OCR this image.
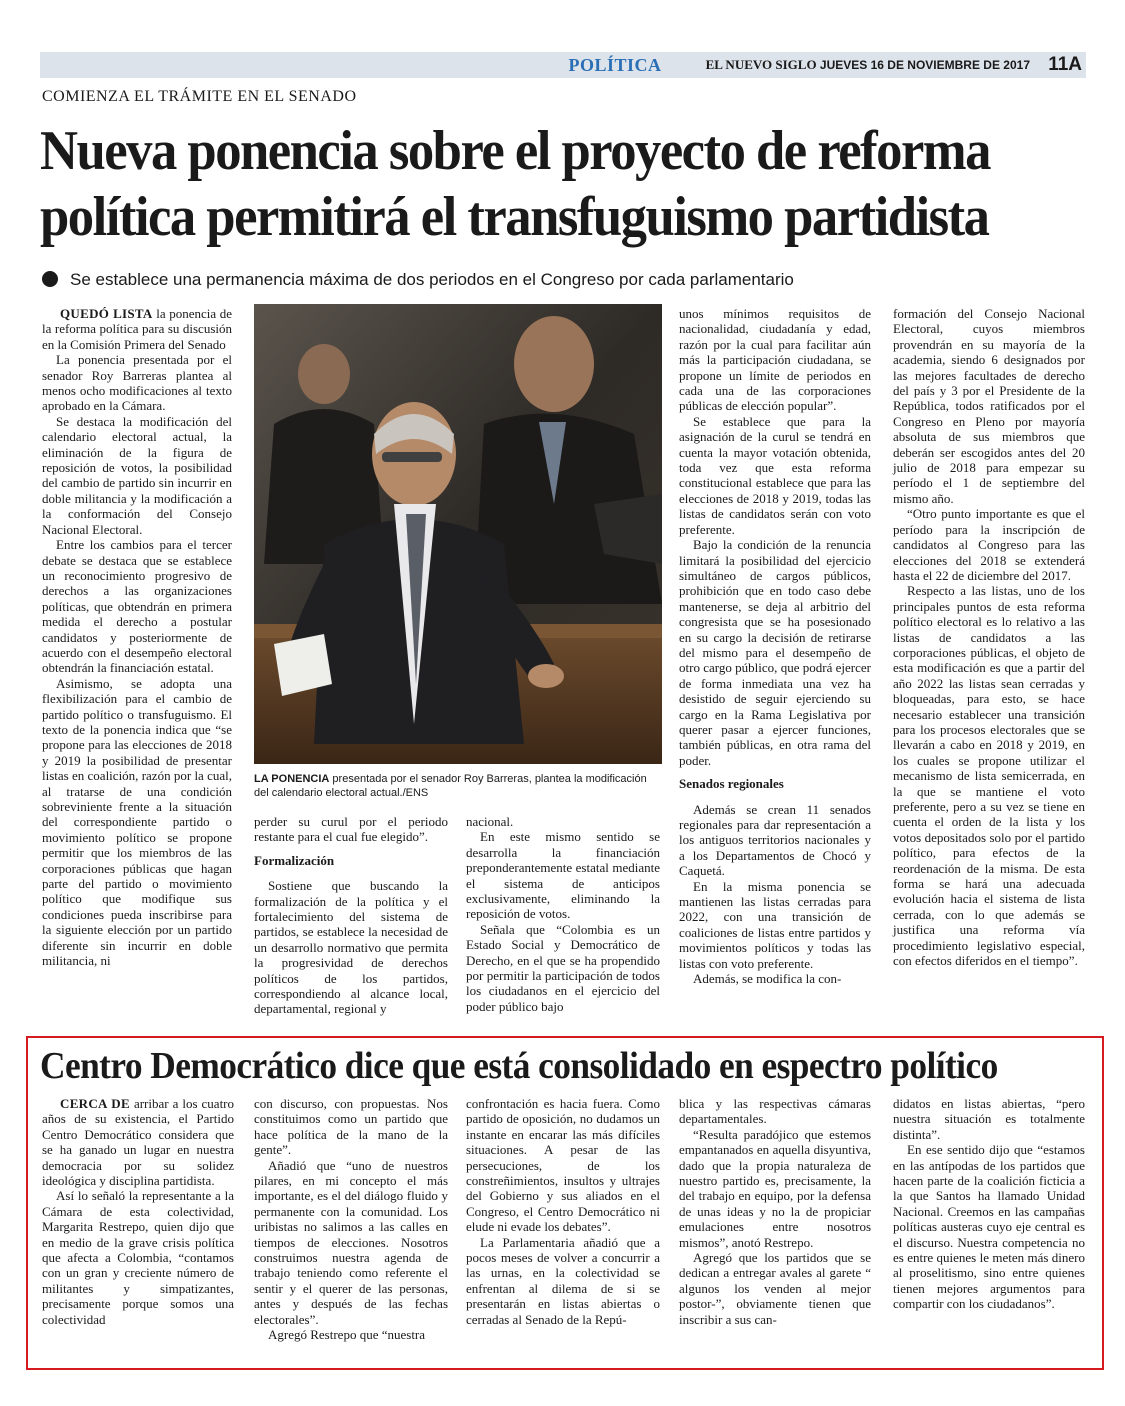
POLÍTICA	EL NUEVO SIGLO JUEVES 16 DE NOVIEMBRE DE 2017 11A
COMIENZA EL TRÁMITE EN EL SENADO
Nueva ponencia sobre el proyecto de reforma
política permitirá el transfuguismo partidista
Se establece una permanencia máxima de dos periodos en el Congreso por cada parlamentario

QUEDÓ LISTA la ponencia de la reforma política para su discusión en la Comisión Primera del Senado

La ponencia presentada por el senador Roy Barreras plantea al menos ocho modificaciones al texto aprobado en la Cámara.

Se destaca la modificación del calendario electoral actual, la eliminación de la figura de reposición de votos, la posibilidad del cambio de partido sin incurrir en doble militancia y la modificación a la conformación del Consejo Nacional Electoral.

Entre los cambios para el tercer debate se destaca que se establece un reconocimiento progresivo de derechos a las organizaciones políticas, que obtendrán en primera medida el derecho a postular candidatos y posteriormente de acuerdo con el desempeño electoral obtendrán la financiación estatal.

Asimismo, se adopta una flexibilización para el cambio de partido político o transfuguismo. El texto de la ponencia indica que “se propone para las elecciones de 2018 y 2019 la posibilidad de presentar listas en coalición, razón por la cual, al tratarse de una condición sobreviniente frente a la situación del correspondiente partido o movimiento político se propone permitir que los miembros de las corporaciones públicas que hagan parte del partido o movimiento político que modifique sus condiciones pueda inscribirse para la siguiente elección por un partido diferente sin incurrir en doble militancia, ni

LA PONENCIA presentada por el senador Roy Barreras, plantea la modificación del calendario electoral actual./ENS

perder su curul por el periodo restante para el cual fue elegido”.

Formalización

Sostiene que buscando la formalización de la política y el fortalecimiento del sistema de partidos, se establece la necesidad de un desarrollo normativo que permita la progresividad de derechos políticos de los partidos, correspondiendo al alcance local, departamental, regional y

nacional.

En este mismo sentido se desarrolla la financiación preponderantemente estatal mediante el sistema de anticipos exclusivamente, eliminando la reposición de votos.

Señala que “Colombia es un Estado Social y Democrático de Derecho, en el que se ha propendido por permitir la participación de todos los ciudadanos en el ejercicio del poder público bajo

unos mínimos requisitos de nacionalidad, ciudadanía y edad, razón por la cual para facilitar aún más la participación ciudadana, se propone un límite de periodos en cada una de las corporaciones públicas de elección popular”.

Se establece que para la asignación de la curul se tendrá en cuenta la mayor votación obtenida, toda vez que esta reforma constitucional establece que para las elecciones de 2018 y 2019, todas las listas de candidatos serán con voto preferente.

Bajo la condición de la renuncia limitará la posibilidad del ejercicio simultáneo de cargos públicos, prohibición que en todo caso debe mantenerse, se deja al arbitrio del congresista que se ha posesionado en su cargo la decisión de retirarse del mismo para el desempeño de otro cargo público, que podrá ejercer de forma inmediata una vez ha desistido de seguir ejerciendo su cargo en la Rama Legislativa por querer pasar a ejercer funciones, también públicas, en otra rama del poder.

Senados regionales

Además se crean 11 senados regionales para dar representación a los antiguos territorios nacionales y a los Departamentos de Chocó y Caquetá.

En la misma ponencia se mantienen las listas cerradas para 2022, con una transición de coaliciones de listas entre partidos y movimientos políticos y todas las listas con voto preferente.

Además, se modifica la con-

formación del Consejo Nacional Electoral, cuyos miembros provendrán en su mayoría de la academia, siendo 6 designados por las mejores facultades de derecho del país y 3 por el Presidente de la República, todos ratificados por el Congreso en Pleno por mayoría absoluta de sus miembros que deberán ser escogidos antes del 20 julio de 2018 para empezar su período el 1 de septiembre del mismo año.

“Otro punto importante es que el período para la inscripción de candidatos al Congreso para las elecciones del 2018 se extenderá hasta el 22 de diciembre del 2017.

Respecto a las listas, uno de los principales puntos de esta reforma político electoral es lo relativo a las listas de candidatos a las corporaciones públicas, el objeto de esta modificación es que a partir del año 2022 las listas sean cerradas y bloqueadas, para esto, se hace necesario establecer una transición para los procesos electorales que se llevarán a cabo en 2018 y 2019, en los cuales se propone utilizar el mecanismo de lista semicerrada, en la que se mantiene el voto preferente, pero a su vez se tiene en cuenta el orden de la lista y los votos depositados solo por el partido político, para efectos de la reordenación de la misma. De esta forma se hará una adecuada evolución hacia el sistema de lista cerrada, con lo que además se justifica una reforma vía procedimiento legislativo especial, con efectos diferidos en el tiempo”.

Centro Democrático dice que está consolidado en espectro político

CERCA DE arribar a los cuatro años de su existencia, el Partido Centro Democrático considera que se ha ganado un lugar en nuestra democracia por su solidez ideológica y disciplina partidista.

Así lo señaló la representante a la Cámara de esta colectividad, Margarita Restrepo, quien dijo que en medio de la grave crisis política que afecta a Colombia, “contamos con un gran y creciente número de militantes y simpatizantes, precisamente porque somos una colectividad

con discurso, con propuestas. Nos constituimos como un partido que hace política de la mano de la gente”.

Añadió que “uno de nuestros pilares, en mi concepto el más importante, es el del diálogo fluido y permanente con la comunidad. Los uribistas no salimos a las calles en tiempos de elecciones. Nosotros construimos nuestra agenda de trabajo teniendo como referente el sentir y el querer de las personas, antes y después de las fechas electorales”.

Agregó Restrepo que “nuestra

confrontación es hacia fuera. Como partido de oposición, no dudamos un instante en encarar las más difíciles situaciones. A pesar de las persecuciones, de los constreñimientos, insultos y ultrajes del Gobierno y sus aliados en el Congreso, el Centro Democrático ni elude ni evade los debates”.

La Parlamentaria añadió que a pocos meses de volver a concurrir a las urnas, en la colectividad se enfrentan al dilema de si se presentarán en listas abiertas o cerradas al Senado de la Repú-

blica y las respectivas cámaras departamentales.

“Resulta paradójico que estemos empantanados en aquella disyuntiva, dado que la propia naturaleza de nuestro partido es, precisamente, la del trabajo en equipo, por la defensa de unas ideas y no la de propiciar emulaciones entre nosotros mismos”, anotó Restrepo.

Agregó que los partidos que se dedican a entregar avales al garete “ algunos los venden al mejor postor-”, obviamente tienen que inscribir a sus can-

didatos en listas abiertas, “pero nuestra situación es totalmente distinta”.

En ese sentido dijo que “estamos en las antípodas de los partidos que hacen parte de la coalición ficticia a la que Santos ha llamado Unidad Nacional. Creemos en las campañas políticas austeras cuyo eje central es el discurso. Nuestra competencia no es entre quienes le meten más dinero al proselitismo, sino entre quienes tienen mejores argumentos para compartir con los ciudadanos”.
